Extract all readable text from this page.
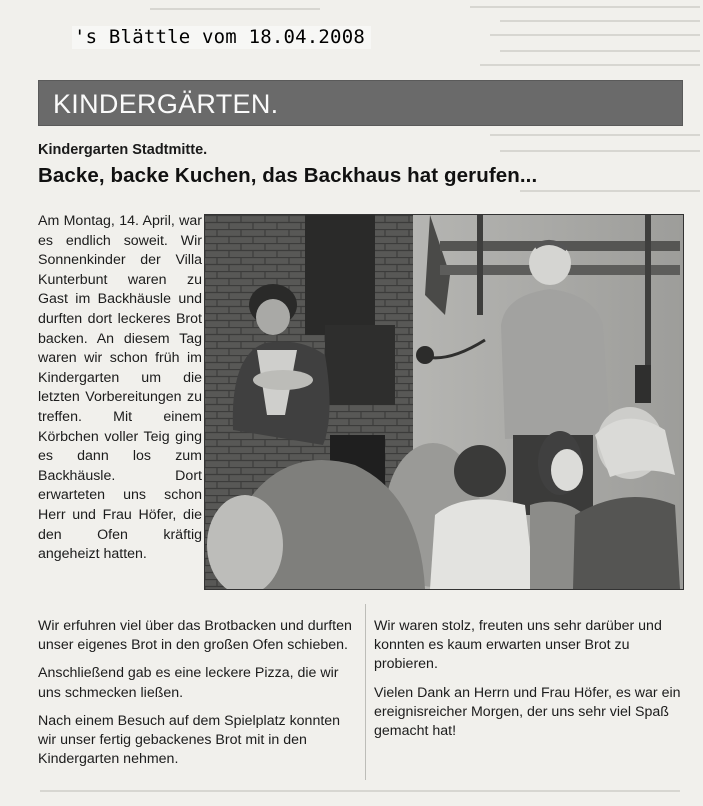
's Blättle vom 18.04.2008
KINDERGÄRTEN.
Kindergarten Stadtmitte.
Backe, backe Kuchen, das Backhaus hat gerufen...

Am Montag, 14. April, war es endlich soweit. Wir Sonnenkinder der Villa Kunterbunt waren zu Gast im Backhäusle und durften dort leckeres Brot backen. An diesem Tag waren wir schon früh im Kindergarten um die letzten Vorbereitungen zu treffen. Mit einem Körbchen voller Teig ging es dann los zum Backhäusle. Dort erwarteten uns schon Herr und Frau Höfer, die den Ofen kräftig angeheizt hatten.

Wir erfuhren viel über das Brotbacken und durften unser eigenes Brot in den großen Ofen schieben.

Anschließend gab es eine leckere Pizza, die wir uns schmecken ließen.

Nach einem Besuch auf dem Spielplatz konnten wir unser fertig gebackenes Brot mit in den Kindergarten nehmen.

Wir waren stolz, freuten uns sehr darüber und konnten es kaum erwarten unser Brot zu probieren.

Vielen Dank an Herrn und Frau Höfer, es war ein ereignisreicher Morgen, der uns sehr viel Spaß gemacht hat!
